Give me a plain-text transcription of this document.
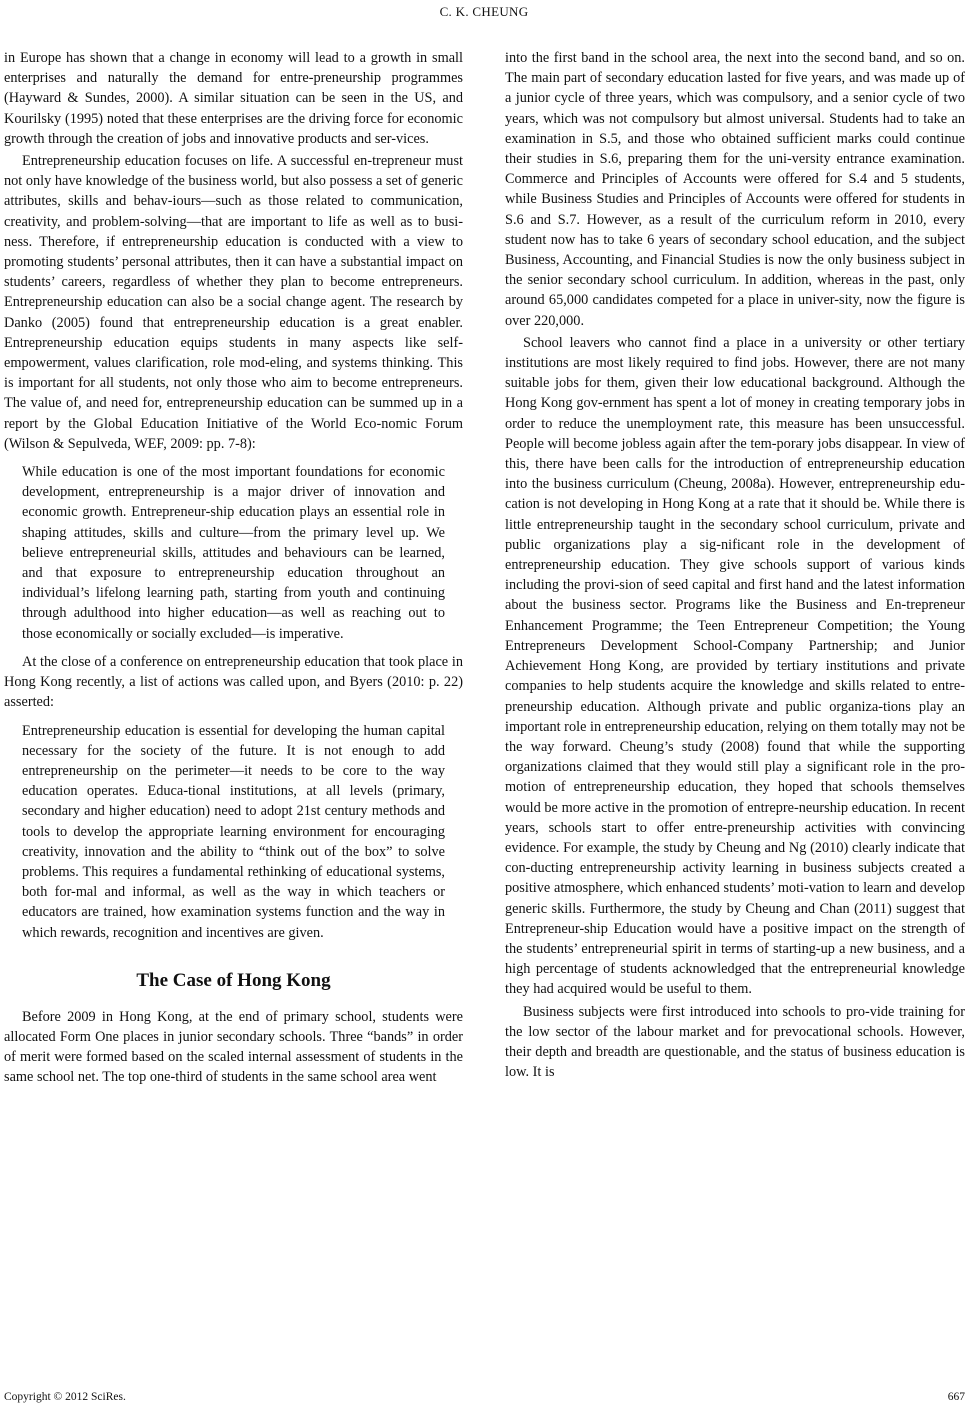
C. K. CHEUNG

in Europe has shown that a change in economy will lead to a growth in small enterprises and naturally the demand for entre-preneurship programmes (Hayward & Sundes, 2000). A similar situation can be seen in the US, and Kourilsky (1995) noted that these enterprises are the driving force for economic growth through the creation of jobs and innovative products and ser-vices.

Entrepreneurship education focuses on life. A successful en-trepreneur must not only have knowledge of the business world, but also possess a set of generic attributes, skills and behav-iours—such as those related to communication, creativity, and problem-solving—that are important to life as well as to busi-ness. Therefore, if entrepreneurship education is conducted with a view to promoting students’ personal attributes, then it can have a substantial impact on students’ careers, regardless of whether they plan to become entrepreneurs. Entrepreneurship education can also be a social change agent. The research by Danko (2005) found that entrepreneurship education is a great enabler. Entrepreneurship education equips students in many aspects like self-empowerment, values clarification, role mod-eling, and systems thinking. This is important for all students, not only those who aim to become entrepreneurs. The value of, and need for, entrepreneurship education can be summed up in a report by the Global Education Initiative of the World Eco-nomic Forum (Wilson & Sepulveda, WEF, 2009: pp. 7-8):

While education is one of the most important foundations for economic development, entrepreneurship is a major driver of innovation and economic growth. Entrepreneur-ship education plays an essential role in shaping attitudes, skills and culture—from the primary level up. We believe entrepreneurial skills, attitudes and behaviours can be learned, and that exposure to entrepreneurship education throughout an individual’s lifelong learning path, starting from youth and continuing through adulthood into higher education—as well as reaching out to those economically or socially excluded—is imperative.

At the close of a conference on entrepreneurship education that took place in Hong Kong recently, a list of actions was called upon, and Byers (2010: p. 22) asserted:

Entrepreneurship education is essential for developing the human capital necessary for the society of the future. It is not enough to add entrepreneurship on the perimeter—it needs to be core to the way education operates. Educa-tional institutions, at all levels (primary, secondary and higher education) need to adopt 21st century methods and tools to develop the appropriate learning environment for encouraging creativity, innovation and the ability to “think out of the box” to solve problems. This requires a fundamental rethinking of educational systems, both for-mal and informal, as well as the way in which teachers or educators are trained, how examination systems function and the way in which rewards, recognition and incentives are given.

The Case of Hong Kong

Before 2009 in Hong Kong, at the end of primary school, students were allocated Form One places in junior secondary schools. Three “bands” in order of merit were formed based on the scaled internal assessment of students in the same school net. The top one-third of students in the same school area went

into the first band in the school area, the next into the second band, and so on. The main part of secondary education lasted for five years, and was made up of a junior cycle of three years, which was compulsory, and a senior cycle of two years, which was not compulsory but almost universal. Students had to take an examination in S.5, and those who obtained sufficient marks could continue their studies in S.6, preparing them for the uni-versity entrance examination. Commerce and Principles of Accounts were offered for S.4 and 5 students, while Business Studies and Principles of Accounts were offered for students in S.6 and S.7. However, as a result of the curriculum reform in 2010, every student now has to take 6 years of secondary school education, and the subject Business, Accounting, and Financial Studies is now the only business subject in the senior secondary school curriculum. In addition, whereas in the past, only around 65,000 candidates competed for a place in univer-sity, now the figure is over 220,000.

School leavers who cannot find a place in a university or other tertiary institutions are most likely required to find jobs. However, there are not many suitable jobs for them, given their low educational background. Although the Hong Kong gov-ernment has spent a lot of money in creating temporary jobs in order to reduce the unemployment rate, this measure has been unsuccessful. People will become jobless again after the tem-porary jobs disappear. In view of this, there have been calls for the introduction of entrepreneurship education into the business curriculum (Cheung, 2008a). However, entrepreneurship edu-cation is not developing in Hong Kong at a rate that it should be. While there is little entrepreneurship taught in the secondary school curriculum, private and public organizations play a sig-nificant role in the development of entrepreneurship education. They give schools support of various kinds including the provi-sion of seed capital and first hand and the latest information about the business sector. Programs like the Business and En-trepreneur Enhancement Programme; the Teen Entrepreneur Competition; the Young Entrepreneurs Development School-Company Partnership; and Junior Achievement Hong Kong, are provided by tertiary institutions and private companies to help students acquire the knowledge and skills related to entre-preneurship education. Although private and public organiza-tions play an important role in entrepreneurship education, relying on them totally may not be the way forward. Cheung’s study (2008) found that while the supporting organizations claimed that they would still play a significant role in the pro-motion of entrepreneurship education, they hoped that schools themselves would be more active in the promotion of entrepre-neurship education. In recent years, schools start to offer entre-preneurship activities with convincing evidence. For example, the study by Cheung and Ng (2010) clearly indicate that con-ducting entrepreneurship activity learning in business subjects created a positive atmosphere, which enhanced students’ moti-vation to learn and develop generic skills. Furthermore, the study by Cheung and Chan (2011) suggest that Entrepreneur-ship Education would have a positive impact on the strength of the students’ entrepreneurial spirit in terms of starting-up a new business, and a high percentage of students acknowledged that the entrepreneurial knowledge they had acquired would be useful to them.

Business subjects were first introduced into schools to pro-vide training for the low sector of the labour market and for prevocational schools. However, their depth and breadth are questionable, and the status of business education is low. It is

Copyright © 2012 SciRes.	667
